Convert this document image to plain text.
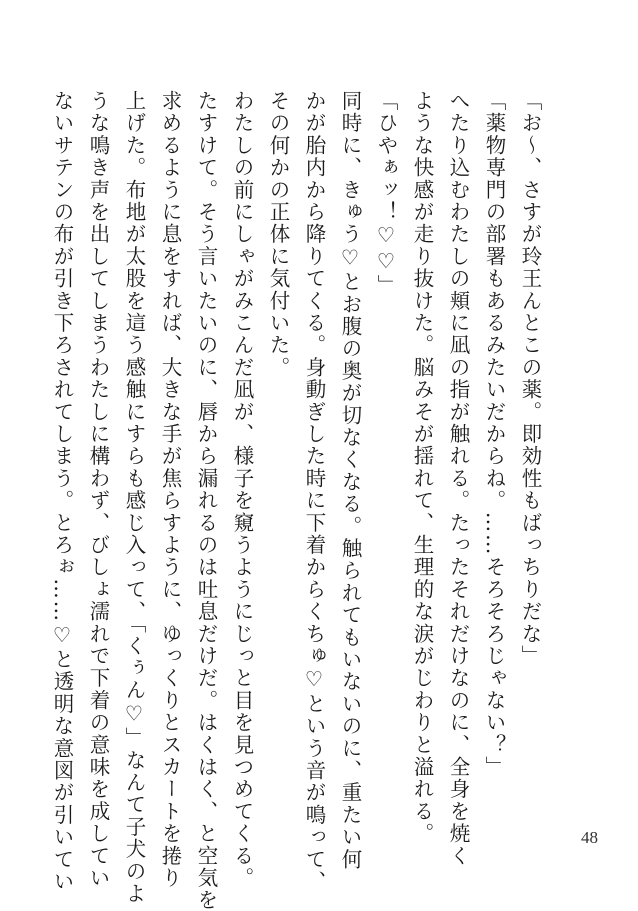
「お〜、さすが玲王んとこの薬。即効性もばっちりだな」
「薬物専門の部署もあるみたいだからね。……そろそろじゃない？」
へたり込むわたしの頬に凪の指が触れる。たったそれだけなのに、全身を焼く
ような快感が走り抜けた。脳みそが揺れて、生理的な涙がじわりと溢れる。
「ひやぁッ！♡♡」
同時に、きゅう♡とお腹の奥が切なくなる。触られてもいないのに、重たい何
かが胎内から降りてくる。身動ぎした時に下着からくちゅ♡という音が鳴って、
その何かの正体に気付いた。
わたしの前にしゃがみこんだ凪が、様子を窺うようにじっと目を見つめてくる。
たすけて。そう言いたいのに、唇から漏れるのは吐息だけだ。はくはく、と空気を
求めるように息をすれば、大きな手が焦らすように、ゆっくりとスカートを捲り
上げた。布地が太股を這う感触にすらも感じ入って、「くぅん♡」なんて子犬のよ
うな鳴き声を出してしまうわたしに構わず、びしょ濡れで下着の意味を成してい
ないサテンの布が引き下ろされてしまう。とろぉ……♡と透明な意図が引いてい	48
